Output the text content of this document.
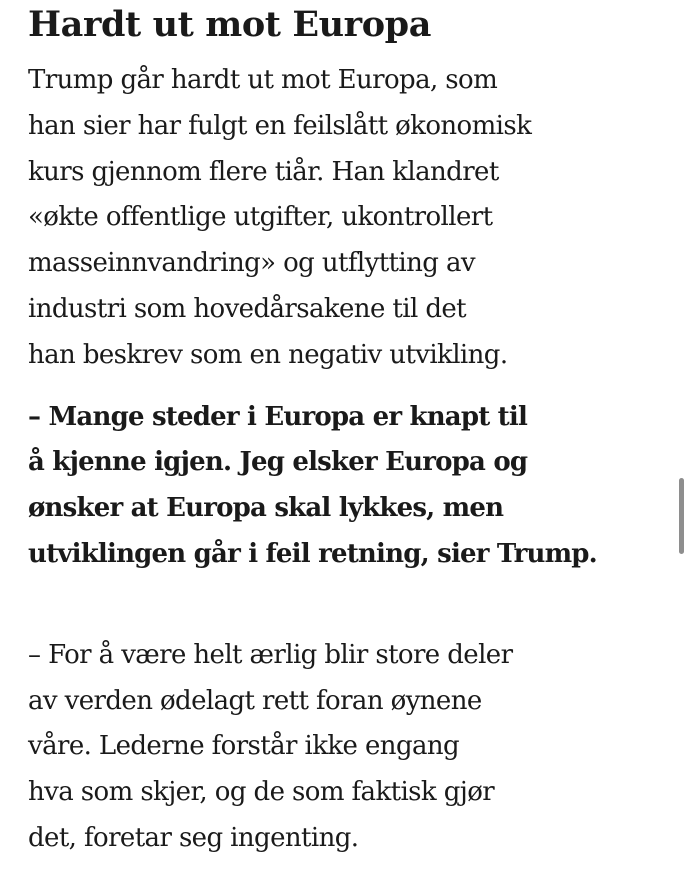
Hardt ut mot Europa

Trump går hardt ut mot Europa, som
han sier har fulgt en feilslått økonomisk
kurs gjennom flere tiår. Han klandret
«økte offentlige utgifter, ukontrollert
masseinnvandring» og utflytting av
industri som hovedårsakene til det
han beskrev som en negativ utvikling.

– Mange steder i Europa er knapt til
å kjenne igjen. Jeg elsker Europa og
ønsker at Europa skal lykkes, men
utviklingen går i feil retning, sier Trump.

– For å være helt ærlig blir store deler
av verden ødelagt rett foran øynene
våre. Lederne forstår ikke engang
hva som skjer, og de som faktisk gjør
det, foretar seg ingenting.
